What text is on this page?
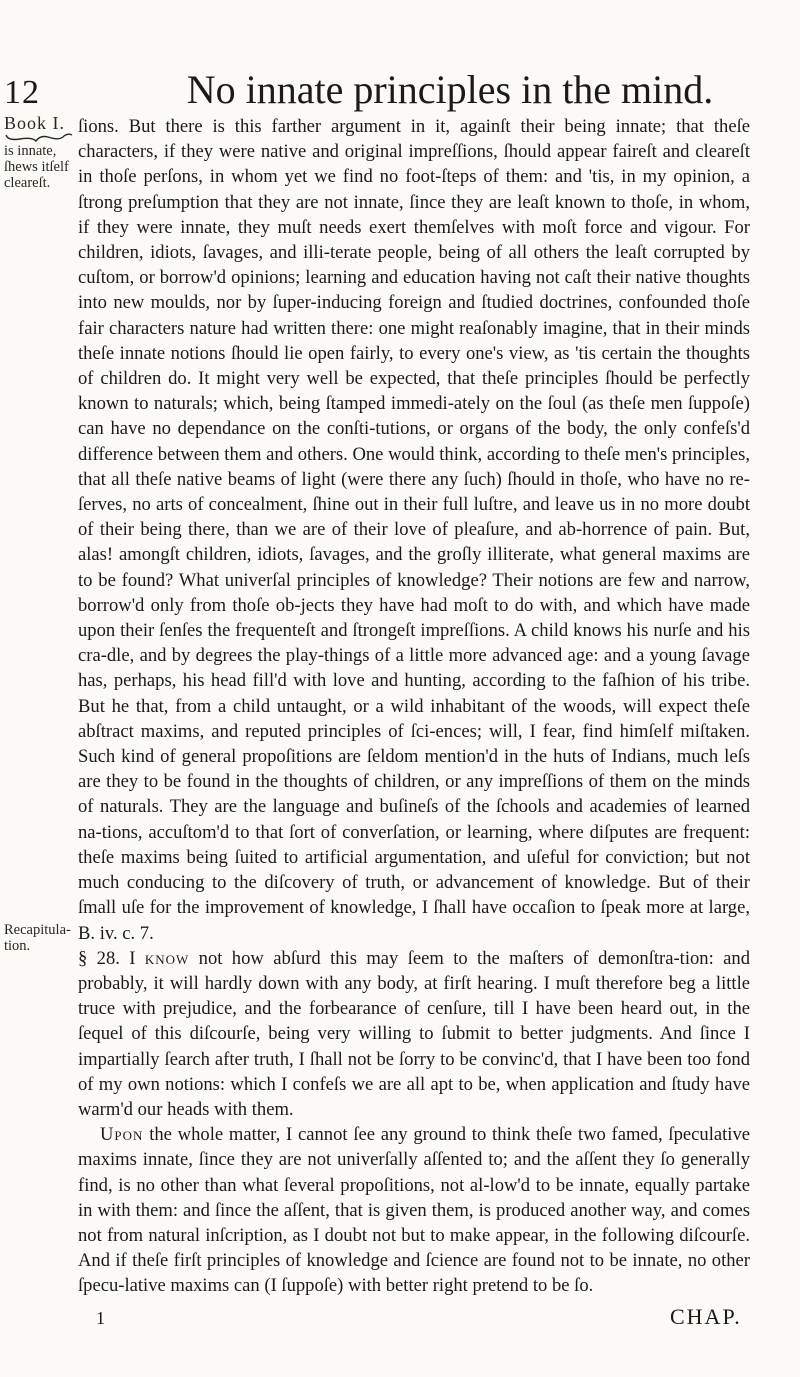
12	No innate principles in the mind.
Book I.
is innate, ſhews itſelf cleareſt.
Recapitula-tion.

ſions. But there is this farther argument in it, againſt their being innate; that theſe characters, if they were native and original impreſſions, ſhould appear faireſt and cleareſt in thoſe perſons, in whom yet we find no foot-ſteps of them: and 'tis, in my opinion, a ſtrong preſumption that they are not innate, ſince they are leaſt known to thoſe, in whom, if they were innate, they muſt needs exert themſelves with moſt force and vigour. For children, idiots, ſavages, and illi-terate people, being of all others the leaſt corrupted by cuſtom, or borrow'd opinions; learning and education having not caſt their native thoughts into new moulds, nor by ſuper-inducing foreign and ſtudied doctrines, confounded thoſe fair characters nature had written there: one might reaſonably imagine, that in their minds theſe innate notions ſhould lie open fairly, to every one's view, as 'tis certain the thoughts of children do. It might very well be expected, that theſe principles ſhould be perfectly known to naturals; which, being ſtamped immedi-ately on the ſoul (as theſe men ſuppoſe) can have no dependance on the conſti-tutions, or organs of the body, the only confeſs'd difference between them and others. One would think, according to theſe men's principles, that all theſe native beams of light (were there any ſuch) ſhould in thoſe, who have no re-ſerves, no arts of concealment, ſhine out in their full luſtre, and leave us in no more doubt of their being there, than we are of their love of pleaſure, and ab-horrence of pain. But, alas! amongſt children, idiots, ſavages, and the groſly illiterate, what general maxims are to be found? What univerſal principles of knowledge? Their notions are few and narrow, borrow'd only from thoſe ob-jects they have had moſt to do with, and which have made upon their ſenſes the frequenteſt and ſtrongeſt impreſſions. A child knows his nurſe and his cra-dle, and by degrees the play-things of a little more advanced age: and a young ſavage has, perhaps, his head fill'd with love and hunting, according to the faſhion of his tribe. But he that, from a child untaught, or a wild inhabitant of the woods, will expect theſe abſtract maxims, and reputed principles of ſci-ences; will, I fear, find himſelf miſtaken. Such kind of general propoſitions are ſeldom mention'd in the huts of Indians, much leſs are they to be found in the thoughts of children, or any impreſſions of them on the minds of naturals. They are the language and buſineſs of the ſchools and academies of learned na-tions, accuſtom'd to that ſort of converſation, or learning, where diſputes are frequent: theſe maxims being ſuited to artificial argumentation, and uſeful for conviction; but not much conducing to the diſcovery of truth, or advancement of knowledge. But of their ſmall uſe for the improvement of knowledge, I ſhall have occaſion to ſpeak more at large, B. iv. c. 7.

§ 28. I know not how abſurd this may ſeem to the maſters of demonſtra-tion: and probably, it will hardly down with any body, at firſt hearing. I muſt therefore beg a little truce with prejudice, and the forbearance of cenſure, till I have been heard out, in the ſequel of this diſcourſe, being very willing to ſubmit to better judgments. And ſince I impartially ſearch after truth, I ſhall not be ſorry to be convinc'd, that I have been too fond of my own notions: which I confeſs we are all apt to be, when application and ſtudy have warm'd our heads with them.

Upon the whole matter, I cannot ſee any ground to think theſe two famed, ſpeculative maxims innate, ſince they are not univerſally aſſented to; and the aſſent they ſo generally find, is no other than what ſeveral propoſitions, not al-low'd to be innate, equally partake in with them: and ſince the aſſent, that is given them, is produced another way, and comes not from natural inſcription, as I doubt not but to make appear, in the following diſcourſe. And if theſe firſt principles of knowledge and ſcience are found not to be innate, no other ſpecu-lative maxims can (I ſuppoſe) with better right pretend to be ſo.

1	CHAP.
